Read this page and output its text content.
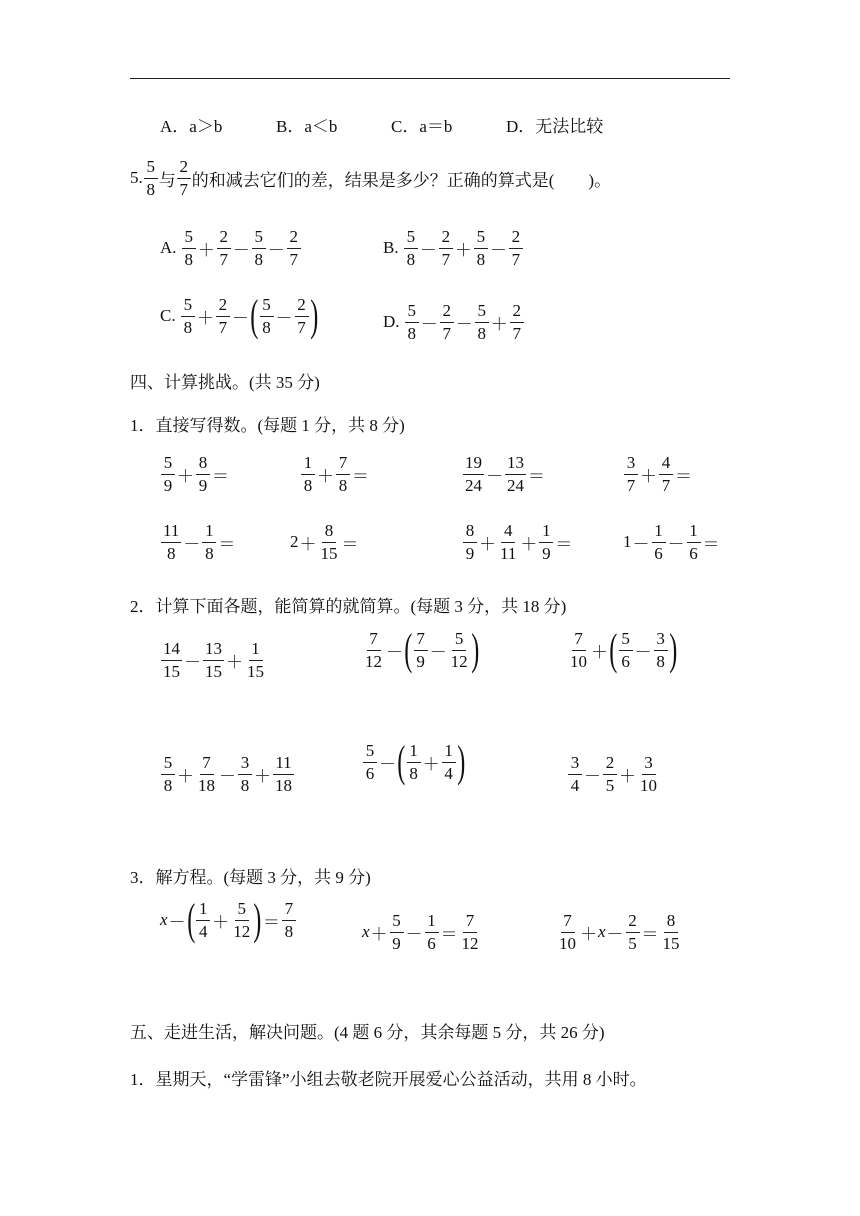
A．a＞b	B．a＜b	C．a＝b	D．无法比较
5. $\frac{5}{8}$ 与 $\frac{2}{7}$ 的和减去它们的差，结果是多少？正确的算式是(　　)。
A.
$\frac{5}{8} + \frac{2}{7} - \frac{5}{8} - \frac{2}{7}$	B.
$\frac{5}{8} - \frac{2}{7} + \frac{5}{8} - \frac{2}{7}$
C.
$\frac{5}{8} + \frac{2}{7}$ － ( $\frac{5}{8} - \frac{2}{7}$ )	D.
$\frac{5}{8} - \frac{2}{7} - \frac{5}{8} + \frac{2}{7}$
四、计算挑战。(共 35 分)
1．直接写得数。(每题 1 分，共 8 分)
$\frac{5}{9} + \frac{8}{9}$ ＝	$\frac{1}{8} + \frac{7}{8}$ ＝	$\frac{19}{24} - \frac{13}{24}$ ＝	$\frac{3}{7} + \frac{4}{7}$ ＝
$\frac{11}{8} - \frac{1}{8}$ ＝	$2 + \frac{8}{15}$ ＝	$\frac{8}{9} + \frac{4}{11} + \frac{1}{9}$ ＝	$1 - \frac{1}{6} - \frac{1}{6}$ ＝
2．计算下面各题，能简算的就简算。(每题 3 分，共 18 分)
$\frac{14}{15} - \frac{13}{15} + \frac{1}{15}$	$\frac{7}{12}$ － ( $\frac{7}{9} - \frac{5}{12}$ )	$\frac{7}{10}$ ＋ ( $\frac{5}{6} - \frac{3}{8}$ )
$\frac{5}{8} + \frac{7}{18} - \frac{3}{8} + \frac{11}{18}$	$\frac{5}{6}$ － ( $\frac{1}{8} + \frac{1}{4}$ )	$\frac{3}{4} - \frac{2}{5} + \frac{3}{10}$
3．解方程。(每题 3 分，共 9 分)
x － ( $\frac{1}{4} + \frac{5}{12}$ ) ＝ $\frac{7}{8}$	$x + \frac{5}{9} - \frac{1}{6} = \frac{7}{12}$	$\frac{7}{10} + x - \frac{2}{5} = \frac{8}{15}$
五、走进生活，解决问题。(4 题 6 分，其余每题 5 分，共 26 分)
1．星期天，“学雷锋”小组去敬老院开展爱心公益活动，共用 8 小时。
